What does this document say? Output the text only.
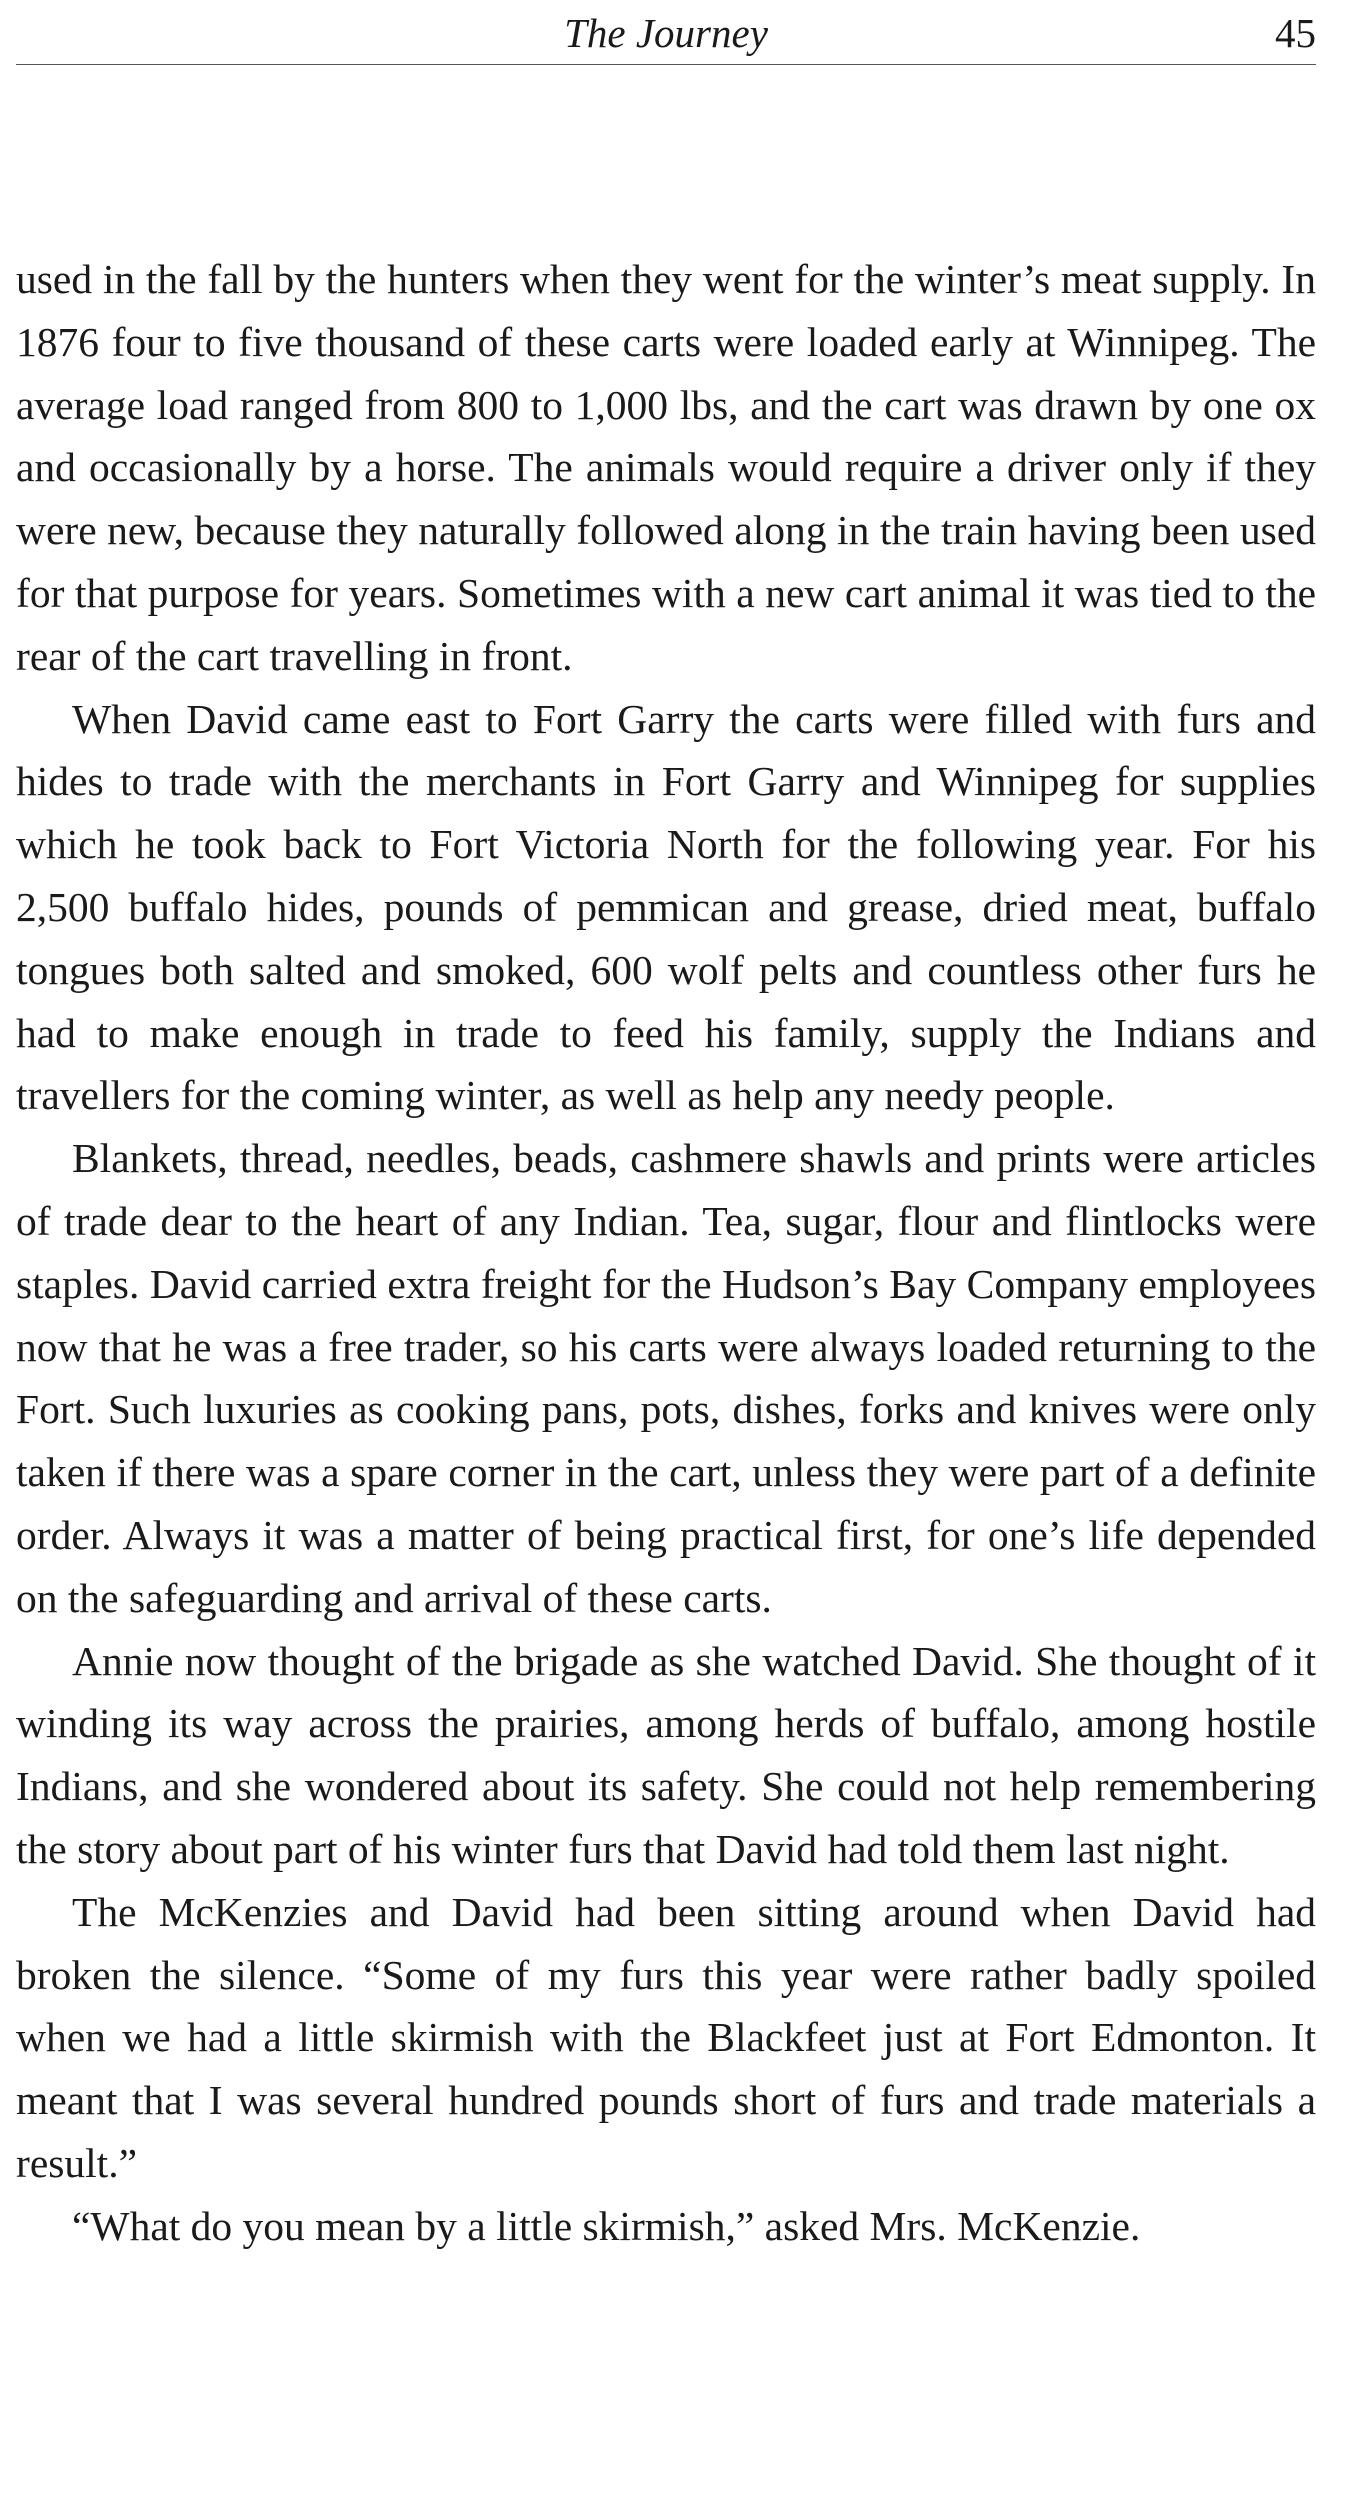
The Journey	45

used in the fall by the hunters when they went for the winter’s meat supply. In 1876 four to five thousand of these carts were loaded early at Winnipeg. The average load ranged from 800 to 1,000 lbs, and the cart was drawn by one ox and occasionally by a horse. The animals would require a driver only if they were new, because they naturally followed along in the train having been used for that purpose for years. Sometimes with a new cart animal it was tied to the rear of the cart travelling in front.

When David came east to Fort Garry the carts were filled with furs and hides to trade with the merchants in Fort Garry and Winnipeg for supplies which he took back to Fort Victoria North for the following year. For his 2,500 buffalo hides, pounds of pemmican and grease, dried meat, buffalo tongues both salted and smoked, 600 wolf pelts and countless other furs he had to make enough in trade to feed his family, supply the Indians and travellers for the coming winter, as well as help any needy people.

Blankets, thread, needles, beads, cashmere shawls and prints were articles of trade dear to the heart of any Indian. Tea, sugar, flour and flintlocks were staples. David carried extra freight for the Hudson’s Bay Company employees now that he was a free trader, so his carts were always loaded returning to the Fort. Such luxuries as cooking pans, pots, dishes, forks and knives were only taken if there was a spare corner in the cart, unless they were part of a definite order. Always it was a matter of being practical first, for one’s life depended on the safeguarding and arrival of these carts.

Annie now thought of the brigade as she watched David. She thought of it winding its way across the prairies, among herds of buffalo, among hostile Indians, and she wondered about its safety. She could not help remembering the story about part of his winter furs that David had told them last night.

The McKenzies and David had been sitting around when David had broken the silence. “Some of my furs this year were rather badly spoiled when we had a little skirmish with the Blackfeet just at Fort Edmonton. It meant that I was several hundred pounds short of furs and trade materials a result.”

“What do you mean by a little skirmish,” asked Mrs. McKenzie.
